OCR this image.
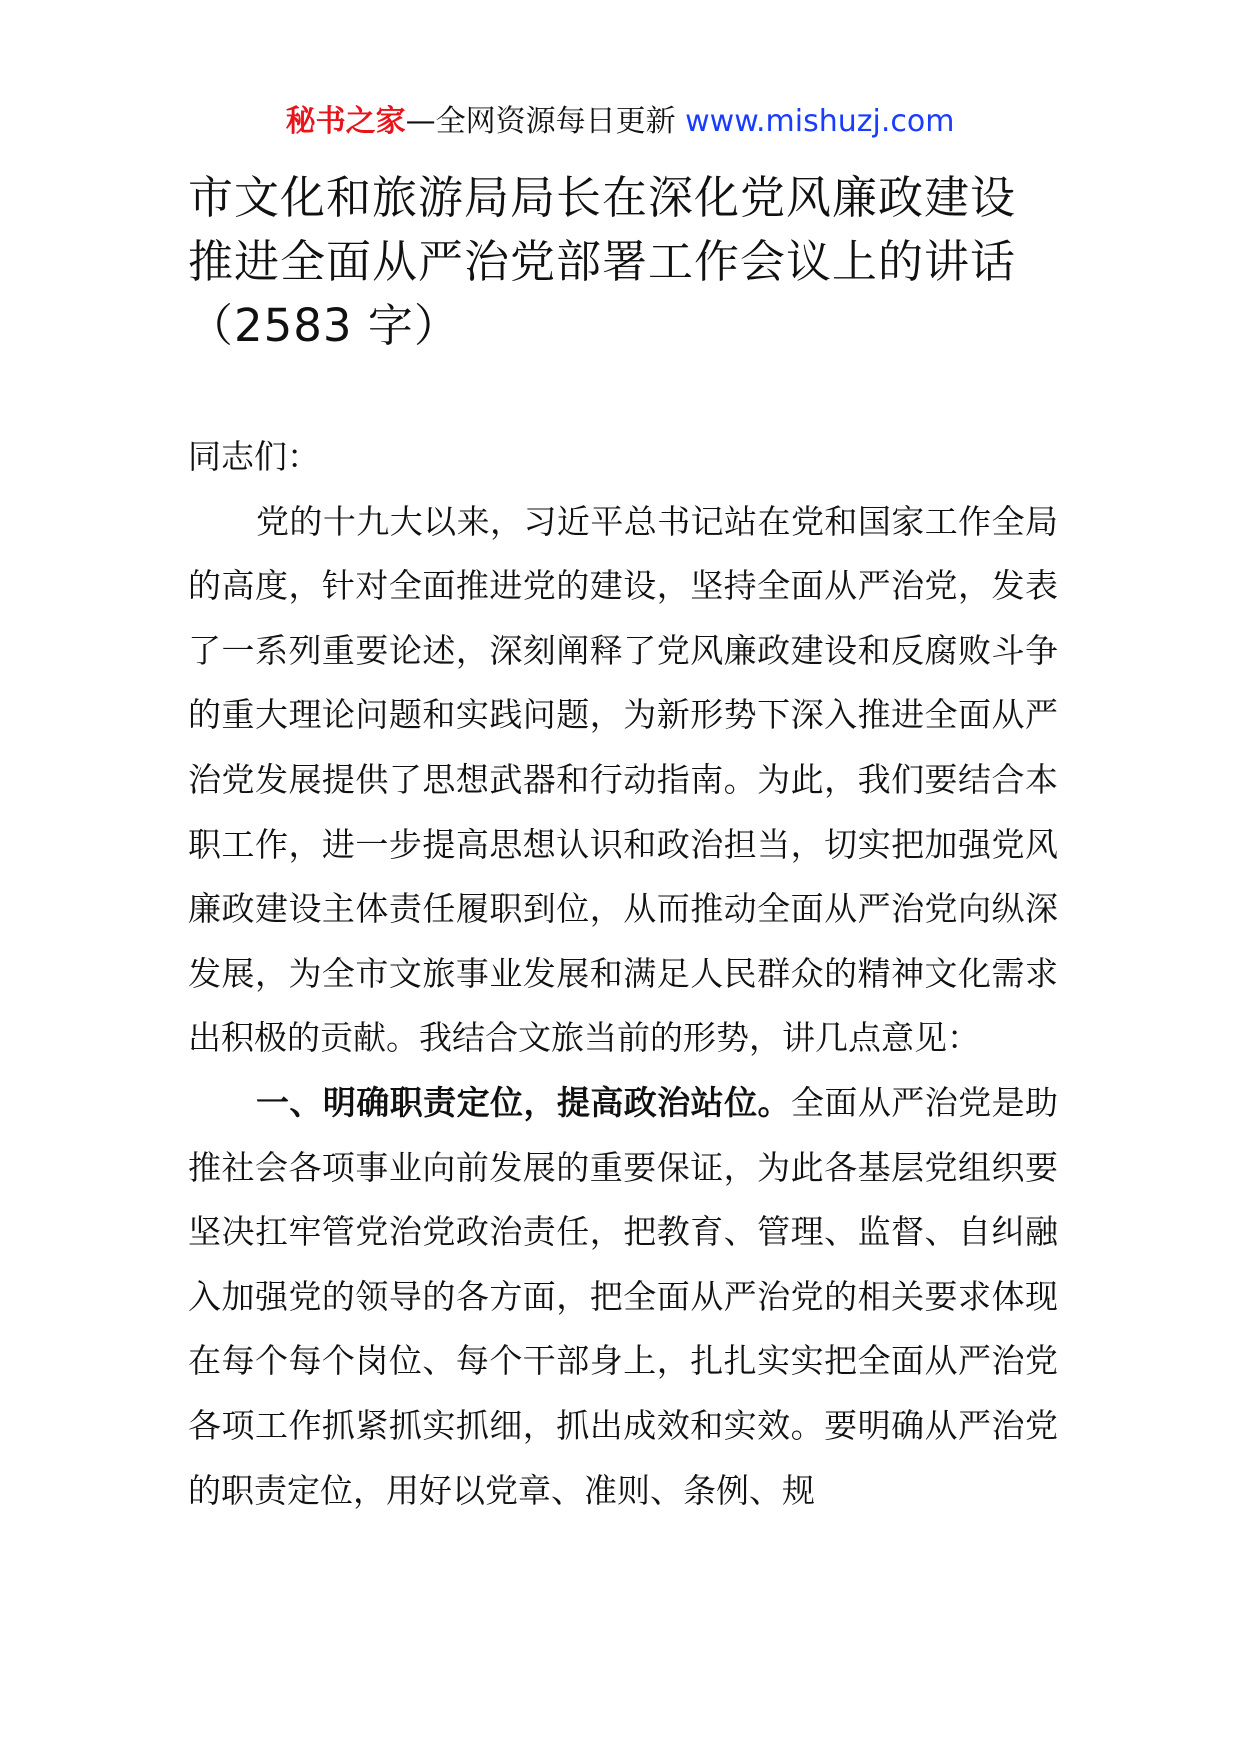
秘书之家—全网资源每日更新 www.mishuzj.com
市文化和旅游局局长在深化党风廉政建设
推进全面从严治党部署工作会议上的讲话
（2583 字）

同志们：

党的十九大以来，习近平总书记站在党和国家工作全局的高度，针对全面推进党的建设，坚持全面从严治党，发表了一系列重要论述，深刻阐释了党风廉政建设和反腐败斗争的重大理论问题和实践问题，为新形势下深入推进全面从严治党发展提供了思想武器和行动指南。为此，我们要结合本职工作，进一步提高思想认识和政治担当，切实把加强党风廉政建设主体责任履职到位，从而推动全面从严治党向纵深发展，为全市文旅事业发展和满足人民群众的精神文化需求出积极的贡献。我结合文旅当前的形势，讲几点意见：

一、明确职责定位，提高政治站位。全面从严治党是助推社会各项事业向前发展的重要保证，为此各基层党组织要坚决扛牢管党治党政治责任，把教育、管理、监督、自纠融入加强党的领导的各方面，把全面从严治党的相关要求体现在每个每个岗位、每个干部身上，扎扎实实把全面从严治党各项工作抓紧抓实抓细，抓出成效和实效。要明确从严治党的职责定位，用好以党章、准则、条例、规
